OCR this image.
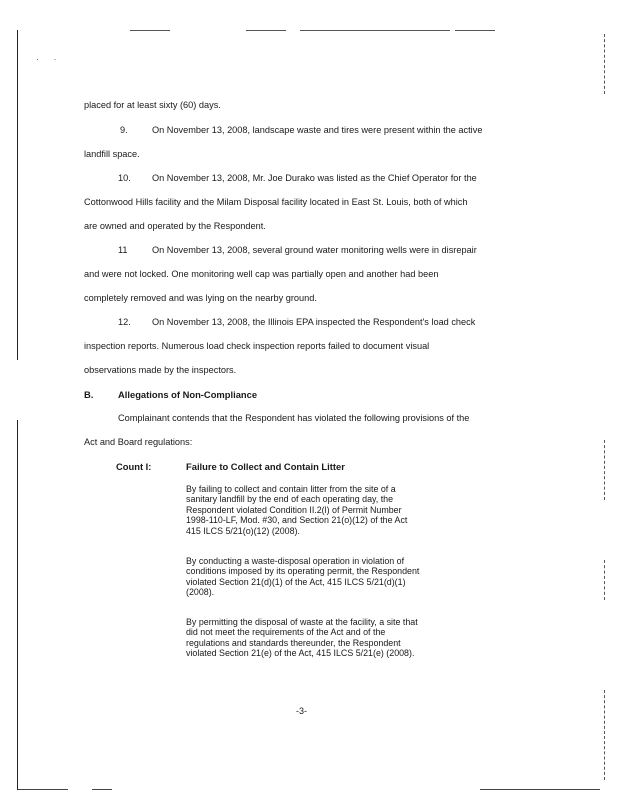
· ·
placed for at least sixty (60) days.
9.	On November 13, 2008, landscape waste and tires were present within the active
landfill space.
10. On November 13, 2008, Mr. Joe Durako was listed as the Chief Operator for the
Cottonwood Hills facility and the Milam Disposal facility located in East St. Louis, both of which
are owned and operated by the Respondent.
11	On November 13, 2008, several ground water monitoring wells were in disrepair
and were not locked. One monitoring well cap was partially open and another had been
completely removed and was lying on the nearby ground.
12. On November 13, 2008, the Illinois EPA inspected the Respondent's load check
inspection reports. Numerous load check inspection reports failed to document visual
observations made by the inspectors.
B.	Allegations of Non-Compliance
Complainant contends that the Respondent has violated the following provisions of the
Act and Board regulations:
Count I:	Failure to Collect and Contain Litter
By failing to collect and contain litter from the site of a
sanitary landfill by the end of each operating day, the
Respondent violated Condition II.2(l) of Permit Number
1998-110-LF, Mod. #30, and Section 21(o)(12) of the Act
415 ILCS 5/21(o)(12) (2008).
By conducting a waste-disposal operation in violation of
conditions imposed by its operating permit, the Respondent
violated Section 21(d)(1) of the Act, 415 ILCS 5/21(d)(1)
(2008).
By permitting the disposal of waste at the facility, a site that
did not meet the requirements of the Act and of the
regulations and standards thereunder, the Respondent
violated Section 21(e) of the Act, 415 ILCS 5/21(e) (2008).
-3-
